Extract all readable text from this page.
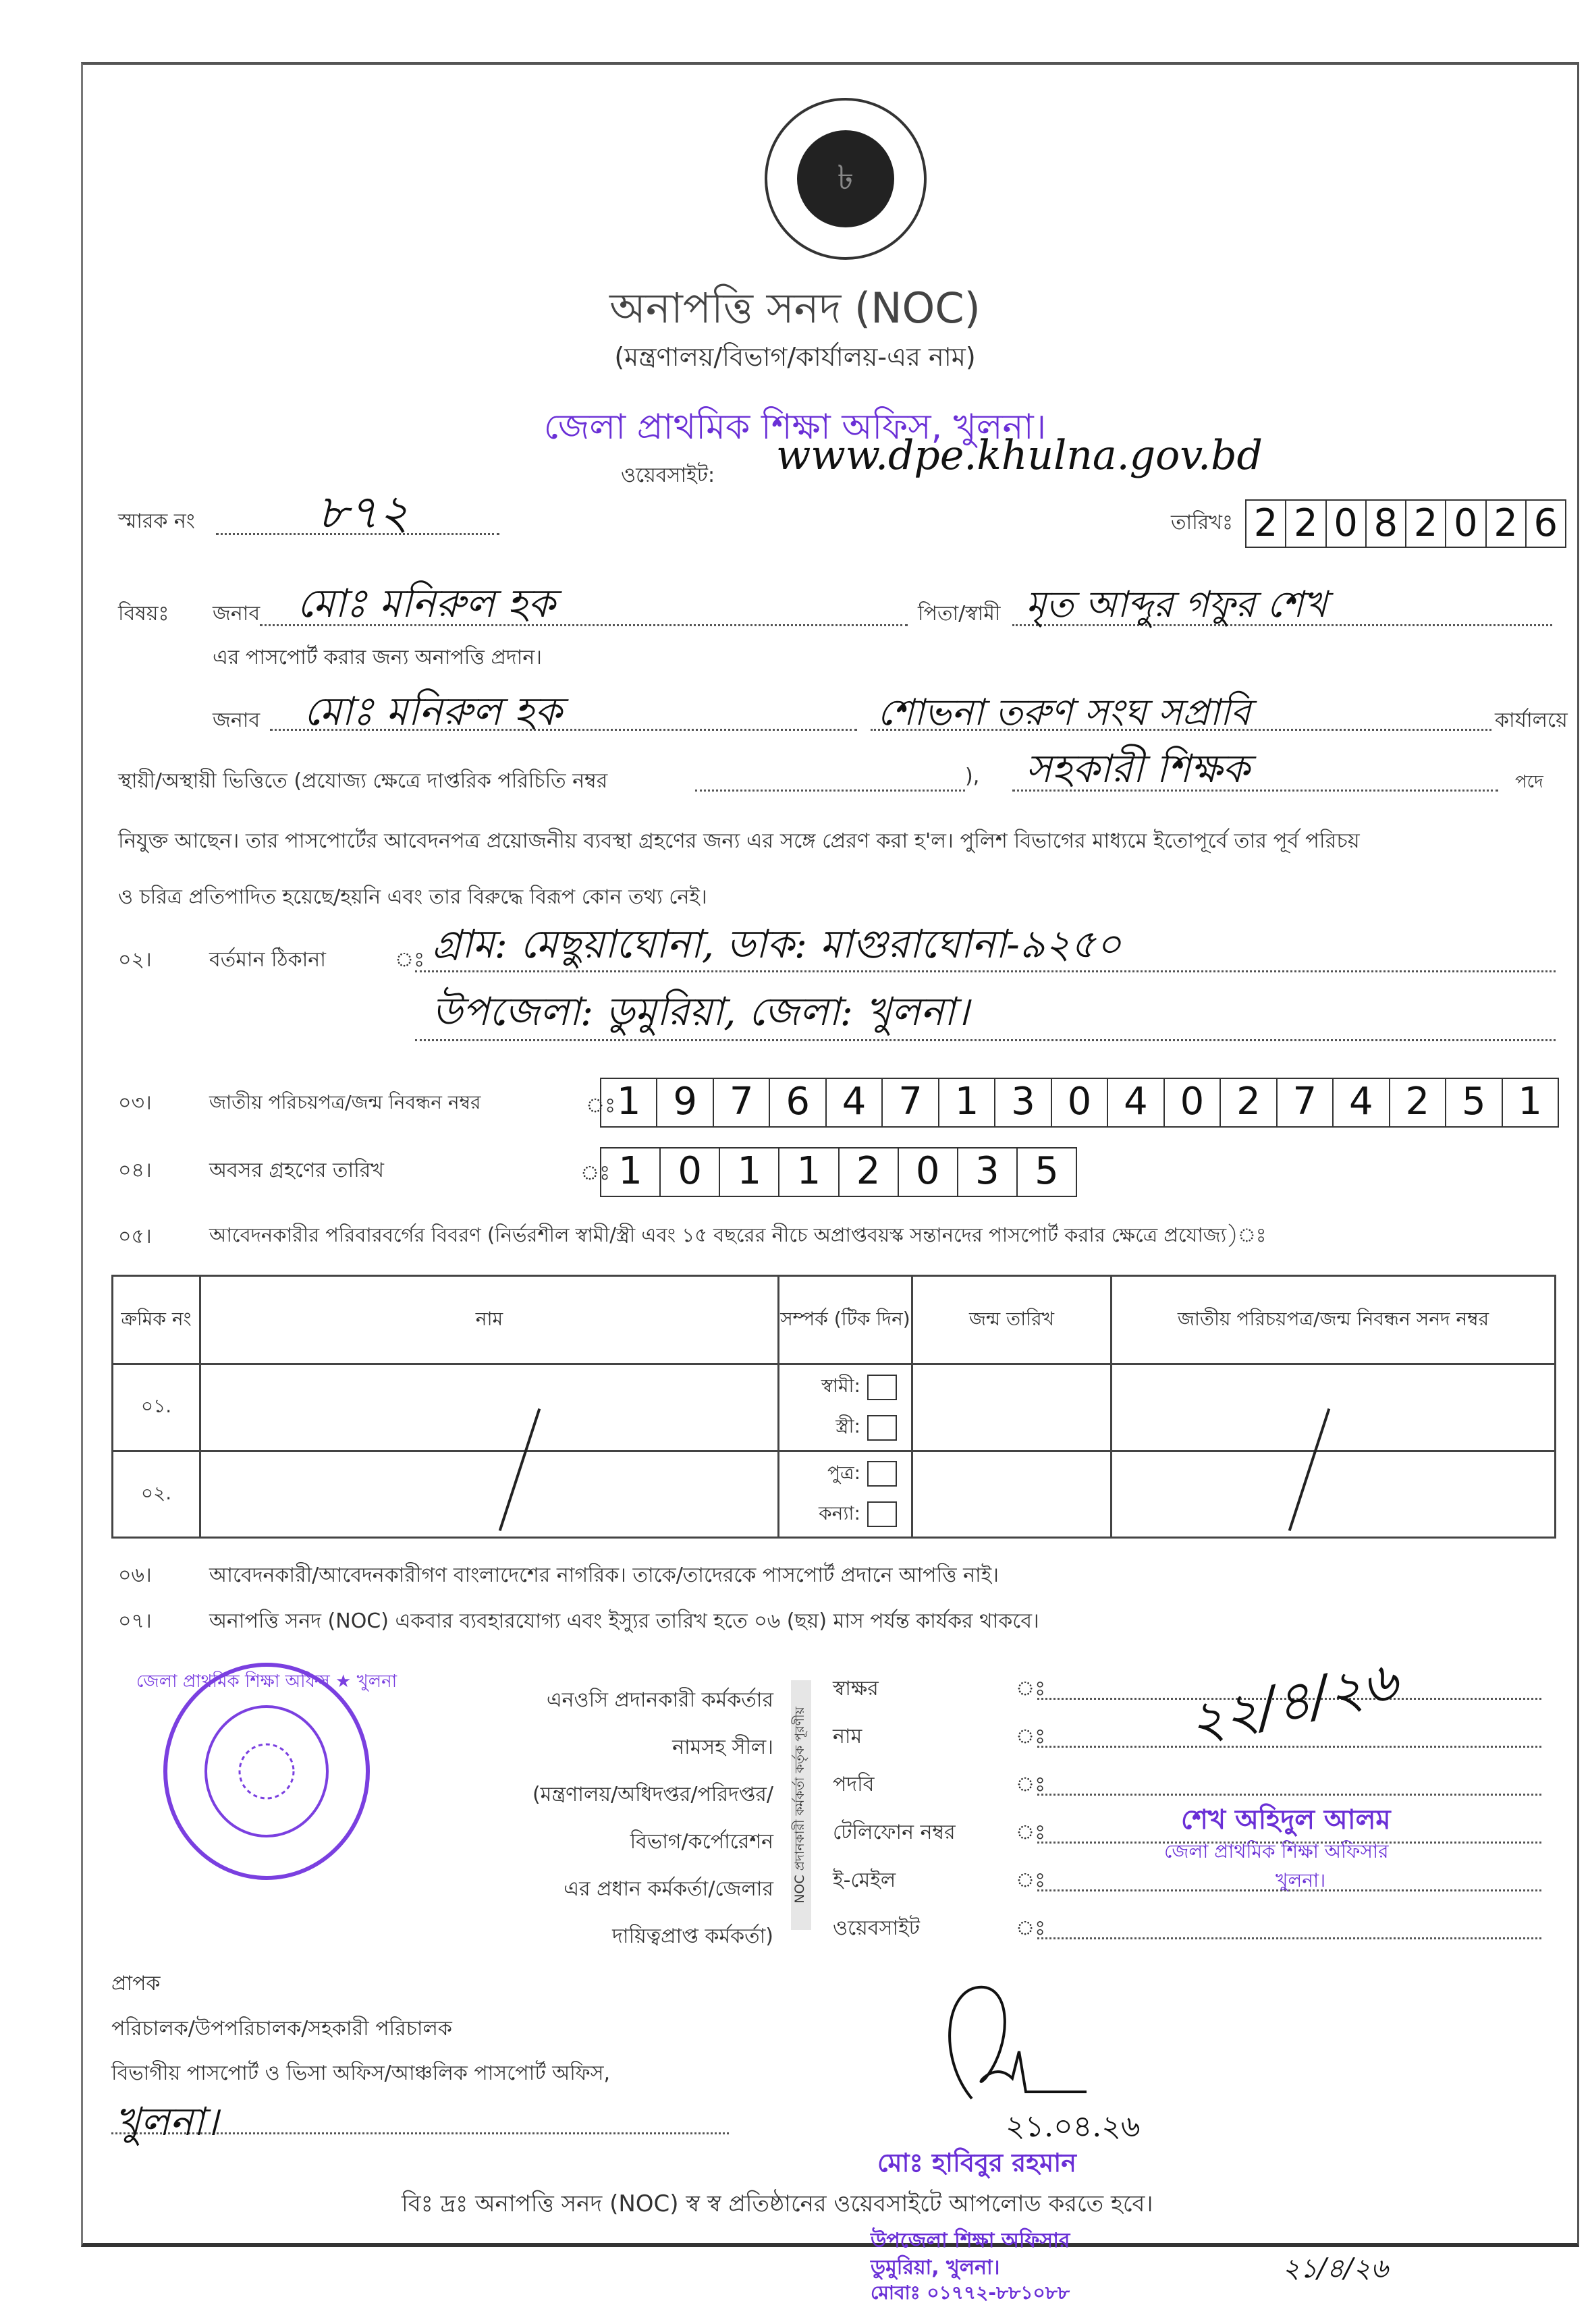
৳
অনাপত্তি সনদ (NOC)
(মন্ত্রণালয়/বিভাগ/কার্যালয়-এর নাম)
জেলা প্রাথমিক শিক্ষা অফিস, খুলনা।
ওয়েবসাইট: www.dpe.khulna.gov.bd
স্মারক নং	৮৭২	তারিখঃ 2 2 0 8 2 0 2 6
বিষয়ঃ জনাব মোঃ মনিরুল হক	পিতা/স্বামী মৃত আব্দুর গফুর শেখ
এর পাসপোর্ট করার জন্য অনাপত্তি প্রদান।
জনাব মোঃ মনিরুল হক	শোভনা তরুণ সংঘ সপ্রাবি	কার্যালয়ে
স্থায়ী/অস্থায়ী ভিত্তিতে (প্রযোজ্য ক্ষেত্রে দাপ্তরিক পরিচিতি নম্বর	), সহকারী শিক্ষক	পদে
নিযুক্ত আছেন। তার পাসপোর্টের আবেদনপত্র প্রয়োজনীয় ব্যবস্থা গ্রহণের জন্য এর সঙ্গে প্রেরণ করা হ'ল। পুলিশ বিভাগের মাধ্যমে ইতোপূর্বে তার পূর্ব পরিচয়
ও চরিত্র প্রতিপাদিত হয়েছে/হয়নি এবং তার বিরুদ্ধে বিরূপ কোন তথ্য নেই।
০২।	বর্তমান ঠিকানা	ঃ গ্রাম: মেছুয়াঘোনা, ডাক: মাগুরাঘোনা-৯২৫০
উপজেলা: ডুমুরিয়া, জেলা: খুলনা।
০৩।	জাতীয় পরিচয়পত্র/জন্ম নিবন্ধন নম্বর	ঃ 1 9 7 6 4 7 1 3 0 4 0 2 7 4 2 5 1
০৪।	অবসর গ্রহণের তারিখ	ঃ 1 0 1 1 2 0 3 5
০৫।	আবেদনকারীর পরিবারবর্গের বিবরণ (নির্ভরশীল স্বামী/স্ত্রী এবং ১৫ বছরের নীচে অপ্রাপ্তবয়স্ক সন্তানদের পাসপোর্ট করার ক্ষেত্রে প্রযোজ্য)ঃ
ক্রমিক নং	নাম	সম্পর্ক (টিক দিন)	জন্ম তারিখ	জাতীয় পরিচয়পত্র/জন্ম নিবন্ধন সনদ নম্বর
০১.		স্বামী:
স্ত্রী:		

০২.		পুত্র:
কন্যা:		

০৬।	আবেদনকারী/আবেদনকারীগণ বাংলাদেশের নাগরিক। তাকে/তাদেরকে পাসপোর্ট প্রদানে আপত্তি নাই।
০৭।	অনাপত্তি সনদ (NOC) একবার ব্যবহারযোগ্য এবং ইস্যুর তারিখ হতে ০৬ (ছয়) মাস পর্যন্ত কার্যকর থাকবে।
জেলা প্রাথমিক শিক্ষা অফিস ★ খুলনা
এনওসি প্রদানকারী কর্মকর্তার
নামসহ সীল।
(মন্ত্রণালয়/অধিদপ্তর/পরিদপ্তর/
বিভাগ/কর্পোরেশন
এর প্রধান কর্মকর্তা/জেলার
দায়িত্বপ্রাপ্ত কর্মকর্তা)
NOC প্রদানকারী কর্মকর্তা কর্তৃক পূরণীয়
স্বাক্ষর	ঃ
নাম	ঃ
পদবি	ঃ
টেলিফোন নম্বর	ঃ
ই-মেইল	ঃ
ওয়েবসাইট	ঃ
২২/৪/২৬
শেখ অহিদুল আলম
জেলা প্রাথমিক শিক্ষা অফিসার
খুলনা।
প্রাপক
পরিচালক/উপপরিচালক/সহকারী পরিচালক
বিভাগীয় পাসপোর্ট ও ভিসা অফিস/আঞ্চলিক পাসপোর্ট অফিস,
খুলনা।	২১.০৪.২৬
মোঃ হাবিবুর রহমান
বিঃ দ্রঃ অনাপত্তি সনদ (NOC) স্ব স্ব প্রতিষ্ঠানের ওয়েবসাইটে আপলোড করতে হবে।
উপজেলা শিক্ষা অফিসার
ডুমুরিয়া, খুলনা।
মোবাঃ ০১৭৭২-৮৮১০৮৮
২১/৪/২৬
